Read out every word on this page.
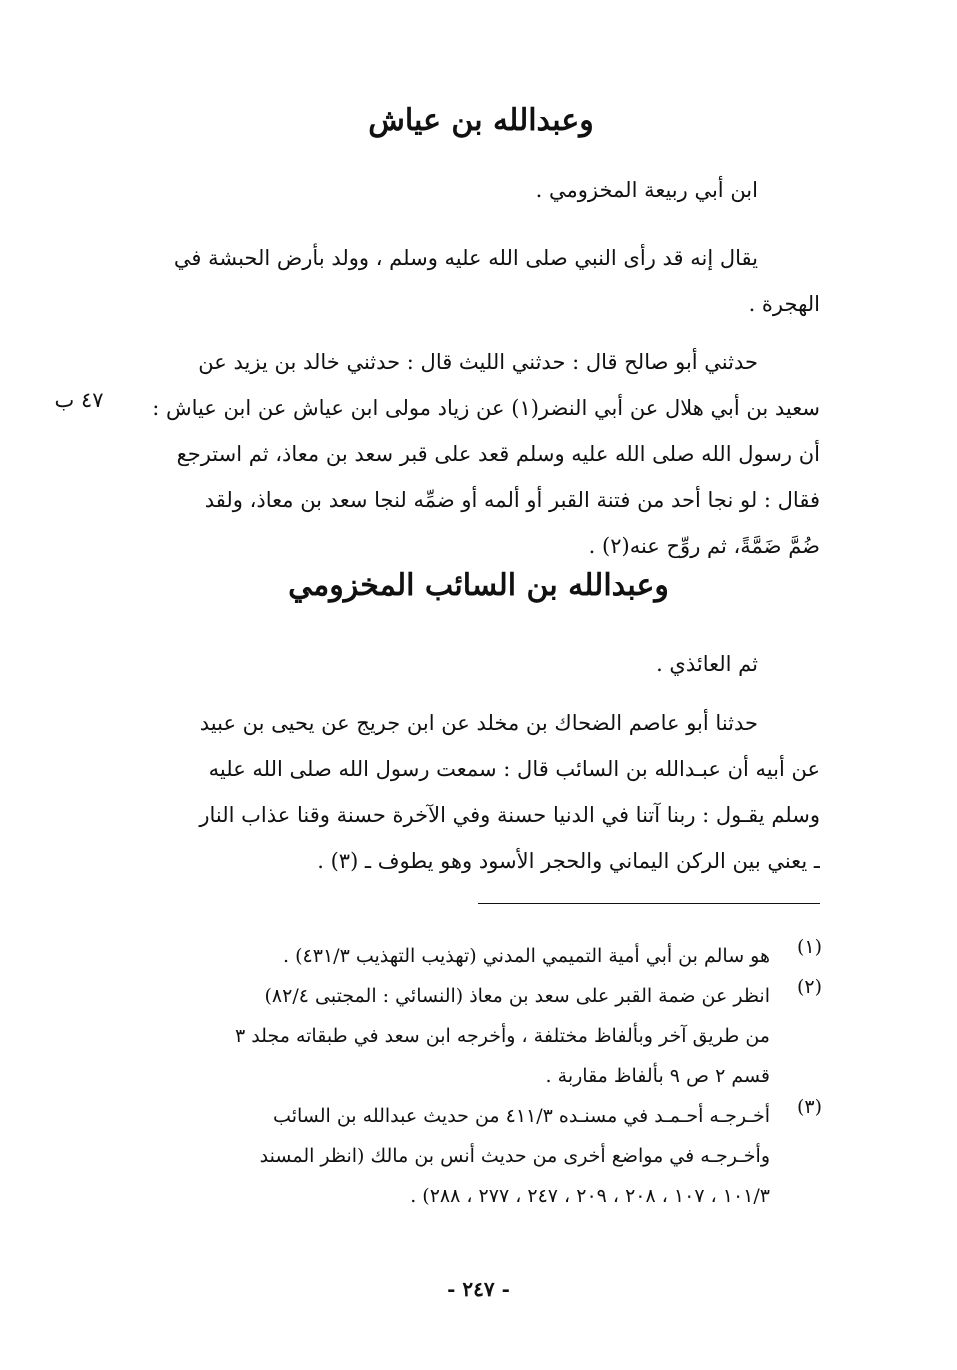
وعبدالله بن عياش
ابن أبي ربيعة المخزومي .
يقال إنه قد رأى النبي صلى الله عليه وسلم ، وولد بأرض الحبشة في
الهجرة .
حدثني أبو صالح قال : حدثني الليث قال : حدثني خالد بن يزيد عن
سعيد بن أبي هلال عن أبي النضر(١) عن زياد مولى ابن عياش عن ابن عياش :
أن رسول الله صلى الله عليه وسلم قعد على قبر سعد بن معاذ، ثم استرجع
فقال : لو نجا أحد من فتنة القبر أو ألمه أو ضمِّه لنجا سعد بن معاذ، ولقد
ضُمَّ ضَمَّةً، ثم روِّح عنه(٢) .
٤٧ ب
وعبدالله بن السائب المخزومي
ثم العائذي .
حدثنا أبو عاصم الضحاك بن مخلد عن ابن جريج عن يحيى بن عبيد
عن أبيه أن عبـدالله بن السائب قال : سمعت رسول الله صلى الله عليه
وسلم يقـول : ربنا آتنا في الدنيا حسنة وفي الآخرة حسنة وقنا عذاب النار
ـ يعني بين الركن اليماني والحجر الأسود وهو يطوف ـ (٣) .
(١)
هو سالم بن أبي أمية التميمي المدني (تهذيب التهذيب ٤٣١/٣) .
(٢)
انظر عن ضمة القبر على سعد بن معاذ (النسائي : المجتبى ٨٢/٤)
من طريق آخر وبألفاظ مختلفة ، وأخرجه ابن سعد في طبقاته مجلد ٣
قسم ٢ ص ٩ بألفاظ مقاربة .
(٣)
أخـرجـه أحـمـد في مسنـده ٤١١/٣ من حديث عبدالله بن السائب
وأخـرجـه في مواضع أخرى من حديث أنس بن مالك (انظر المسند
١٠١/٣ ، ١٠٧ ، ٢٠٨ ، ٢٠٩ ، ٢٤٧ ، ٢٧٧ ، ٢٨٨) .
- ٢٤٧ -
